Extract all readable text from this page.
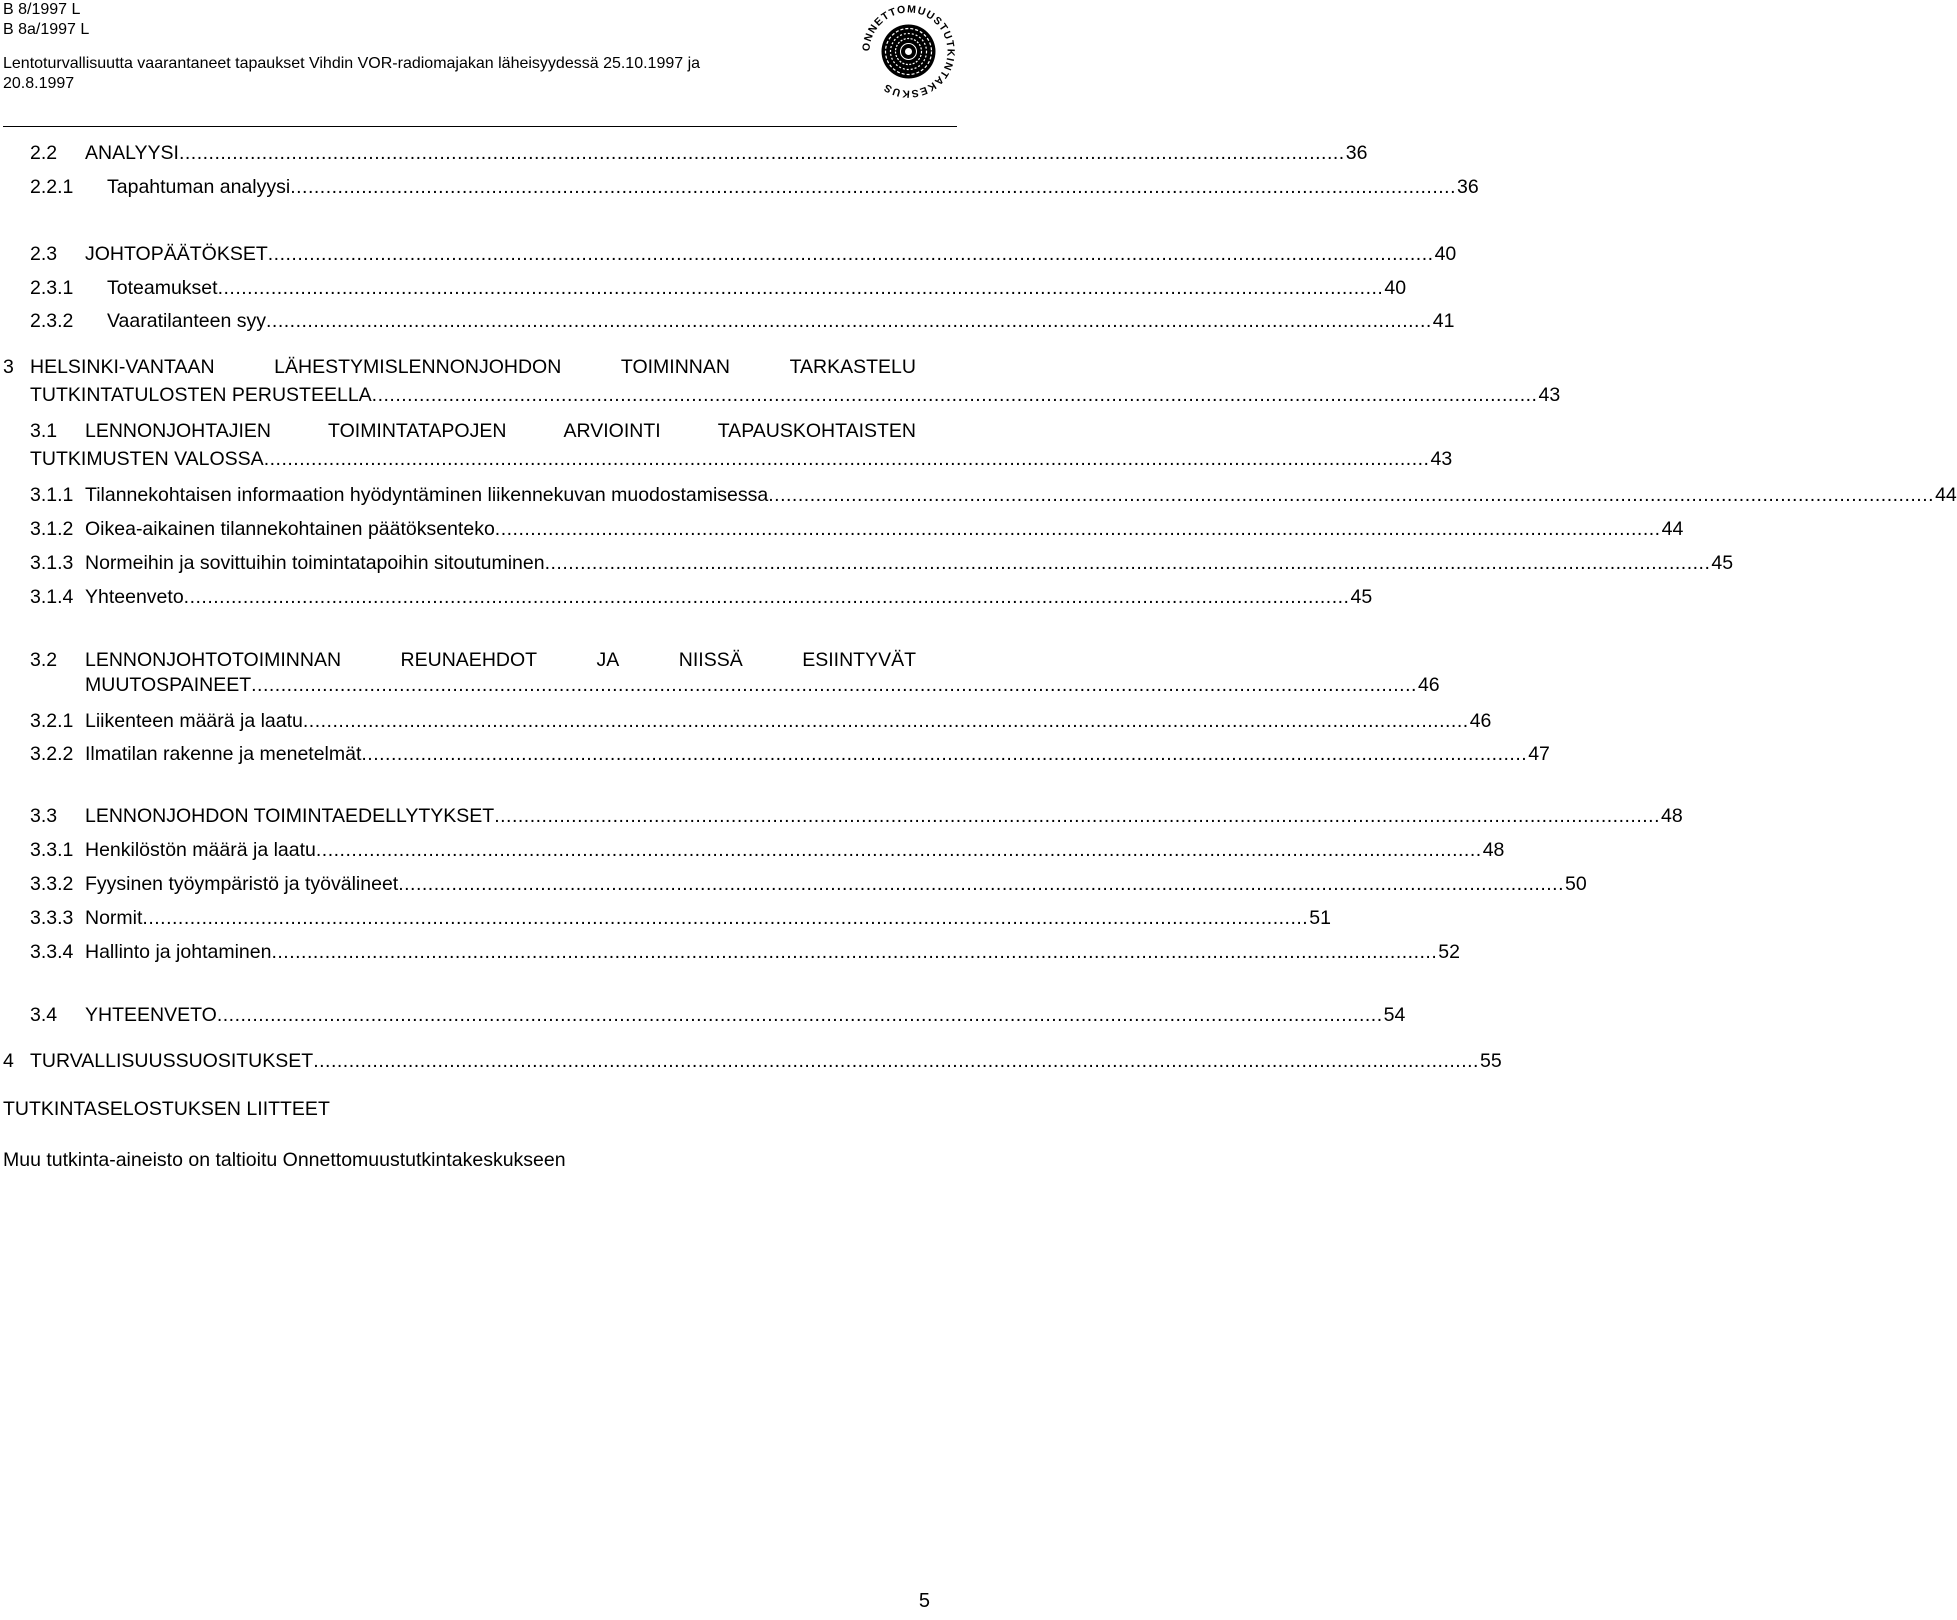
B 8/1997 L
B 8a/1997 L
Lentoturvallisuutta vaarantaneet tapaukset Vihdin VOR-radiomajakan läheisyydessä 25.10.1997 ja
20.8.1997
ONNETTOMUUSTUTKINTAKESKUS
2.2 ANALYYSI ..................................................................................................................................................................................................... 36
2.2.1 Tapahtuman analyysi ..................................................................................................................................................................................................... 36
2.3 JOHTOPÄÄTÖKSET ..................................................................................................................................................................................................... 40
2.3.1 Toteamukset ..................................................................................................................................................................................................... 40
2.3.2 Vaaratilanteen syy ..................................................................................................................................................................................................... 41
3 HELSINKI-VANTAAN	LÄHESTYMISLENNONJOHDON	TOIMINNAN	TARKASTELU
TUTKINTATULOSTEN PERUSTEELLA ..................................................................................................................................................................................................... 43
3.1 LENNONJOHTAJIEN	TOIMINTATAPOJEN	ARVIOINTI	TAPAUSKOHTAISTEN
TUTKIMUSTEN VALOSSA ..................................................................................................................................................................................................... 43
3.1.1 Tilannekohtaisen informaation hyödyntäminen liikennekuvan muodostamisessa ..................................................................................................................................................................................................... 44
3.1.2 Oikea-aikainen tilannekohtainen päätöksenteko ..................................................................................................................................................................................................... 44
3.1.3 Normeihin ja sovittuihin toimintatapoihin sitoutuminen ..................................................................................................................................................................................................... 45
3.1.4 Yhteenveto ..................................................................................................................................................................................................... 45
3.2 LENNONJOHTOTOIMINNAN	REUNAEHDOT	JA	NIISSÄ	ESIINTYVÄT
MUUTOSPAINEET ..................................................................................................................................................................................................... 46
3.2.1 Liikenteen määrä ja laatu ..................................................................................................................................................................................................... 46
3.2.2 Ilmatilan rakenne ja menetelmät ..................................................................................................................................................................................................... 47
3.3 LENNONJOHDON TOIMINTAEDELLYTYKSET ..................................................................................................................................................................................................... 48
3.3.1 Henkilöstön määrä ja laatu ..................................................................................................................................................................................................... 48
3.3.2 Fyysinen työympäristö ja työvälineet ..................................................................................................................................................................................................... 50
3.3.3 Normit ..................................................................................................................................................................................................... 51
3.3.4 Hallinto ja johtaminen ..................................................................................................................................................................................................... 52
3.4 YHTEENVETO ..................................................................................................................................................................................................... 54
4 TURVALLISUUSSUOSITUKSET ..................................................................................................................................................................................................... 55
TUTKINTASELOSTUKSEN LIITTEET
Muu tutkinta-aineisto on taltioitu Onnettomuustutkintakeskukseen
5
